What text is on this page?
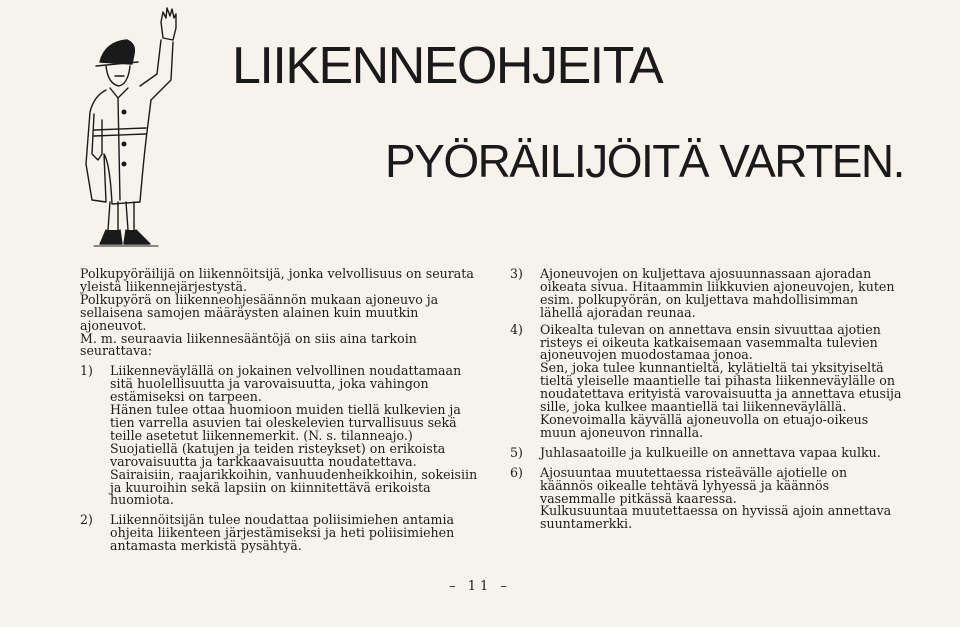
LIIKENNEOHJEITA
PYÖRÄILIJÖITÄ VARTEN.

Polkupyöräilijä on liikennöitsijä, jonka velvollisuus on seurata yleistä liikennejärjestystä.

Polkupyörä on liikenneohjesäännön mukaan ajoneuvo ja sellaisena samojen määräysten alainen kuin muutkin ajoneuvot.

M. m. seuraavia liikennesääntöjä on siis aina tarkoin seurattava:

1)	Liikenneväylällä on jokainen velvollinen noudattamaan sitä huolellisuutta ja varovaisuutta, joka vahingon estämiseksi on tarpeen.

Hänen tulee ottaa huomioon muiden tiellä kulkevien ja tien varrella asuvien tai oleskelevien turvallisuus sekä teille asetetut liikennemerkit. (N. s. tilanneajo.)

Suojatiellä (katujen ja teiden risteykset) on erikoista varovaisuutta ja tarkkaavaisuutta noudatettava.

Sairaisiin, raajarikkoihin, vanhuudenheikkoihin, sokeisiin ja kuuroihin sekä lapsiin on kiinnitettävä erikoista huomiota.

2)	Liikennöitsijän tulee noudattaa poliisimiehen antamia ohjeita liikenteen järjestämiseksi ja heti poliisimiehen antamasta merkistä pysähtyä.

3)	Ajoneuvojen on kuljettava ajosuunnassaan ajoradan oikeata sivua. Hitaammin liikkuvien ajoneuvojen, kuten esim. polkupyörän, on kuljettava mahdollisimman lähellä ajoradan reunaa.

4)	Oikealta tulevan on annettava ensin sivuuttaa ajotien risteys ei oikeuta katkaisemaan vasemmalta tulevien ajoneuvojen muodostamaa jonoa.

Sen, joka tulee kunnantieltä, kylätieltä tai yksityiseltä tieltä yleiselle maantielle tai pihasta liikenneväylälle on noudatettava erityistä varovaisuutta ja annettava etusija sille, joka kulkee maantiellä tai liikenneväylällä.

Konevoimalla käyvällä ajoneuvolla on etuajo-oikeus muun ajoneuvon rinnalla.

5)	Juhlasaatoille ja kulkueille on annettava vapaa kulku.

6)	Ajosuuntaa muutettaessa risteävälle ajotielle on käännös oikealle tehtävä lyhyessä ja käännös vasemmalle pitkässä kaaressa.

Kulkusuuntaa muutettaessa on hyvissä ajoin annettava suuntamerkki.

– 11 –
